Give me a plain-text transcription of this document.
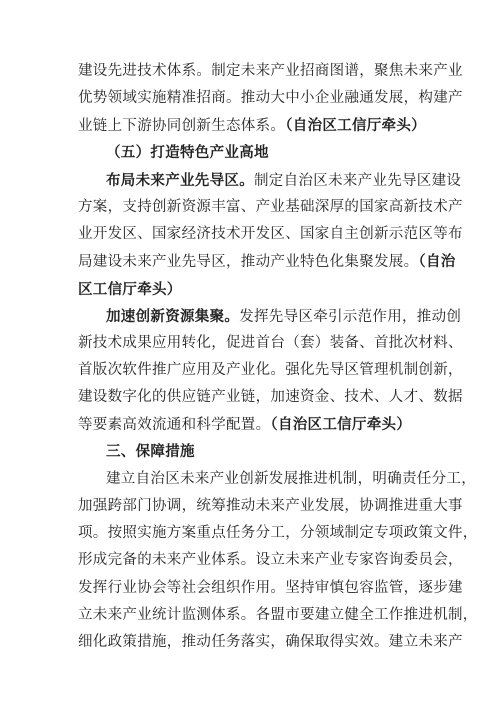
建设先进技术体系。制定未来产业招商图谱，聚焦未来产业
优势领域实施精准招商。推动大中小企业融通发展，构建产
业链上下游协同创新生态体系。（自治区工信厅牵头）
（五）打造特色产业高地
布局未来产业先导区。制定自治区未来产业先导区建设
方案，支持创新资源丰富、产业基础深厚的国家高新技术产
业开发区、国家经济技术开发区、国家自主创新示范区等布
局建设未来产业先导区，推动产业特色化集聚发展。（自治
区工信厅牵头）
加速创新资源集聚。发挥先导区牵引示范作用，推动创
新技术成果应用转化，促进首台（套）装备、首批次材料、
首版次软件推广应用及产业化。强化先导区管理机制创新，
建设数字化的供应链产业链，加速资金、技术、人才、数据
等要素高效流通和科学配置。（自治区工信厅牵头）
三、保障措施
建立自治区未来产业创新发展推进机制，明确责任分工，
加强跨部门协调，统筹推动未来产业发展，协调推进重大事
项。按照实施方案重点任务分工，分领域制定专项政策文件，
形成完备的未来产业体系。设立未来产业专家咨询委员会，
发挥行业协会等社会组织作用。坚持审慎包容监管，逐步建
立未来产业统计监测体系。各盟市要建立健全工作推进机制，
细化政策措施，推动任务落实，确保取得实效。建立未来产
